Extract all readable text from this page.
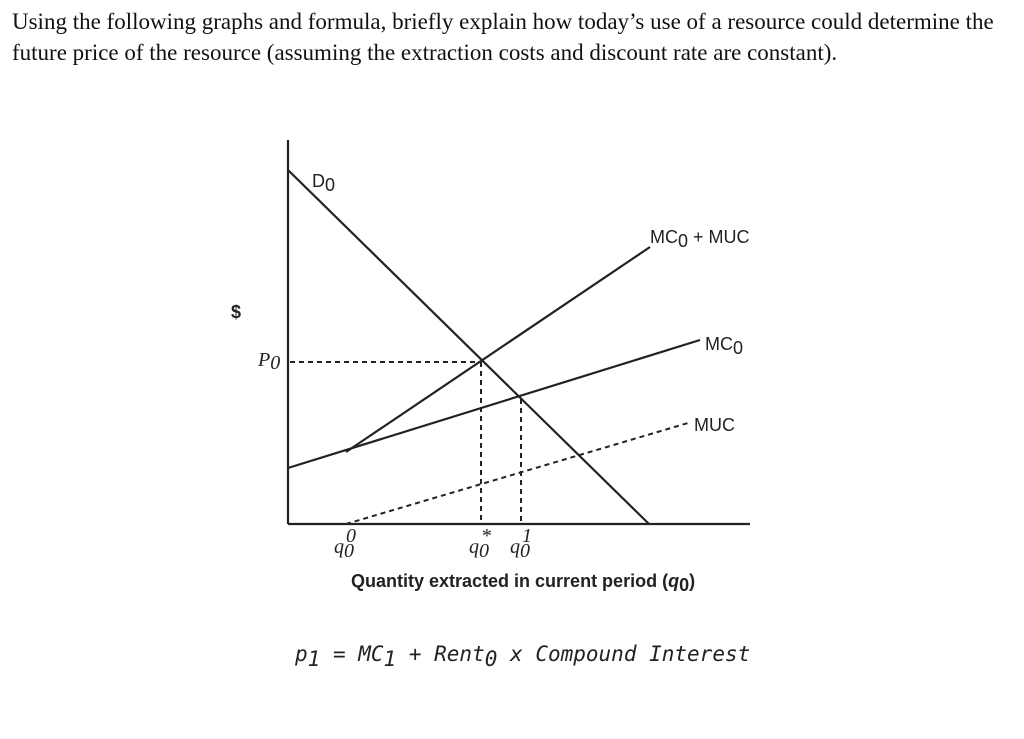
Using the following graphs and formula, briefly explain how today’s use of a resource could determine the future price of the resource (assuming the extraction costs and discount rate are constant).
$
D0
MC0 + MUC
MC0
MUC
P0
q00	q0* q01
Quantity extracted in current period (q0)
p1 = MC1 + Rent0 x Compound Interest
